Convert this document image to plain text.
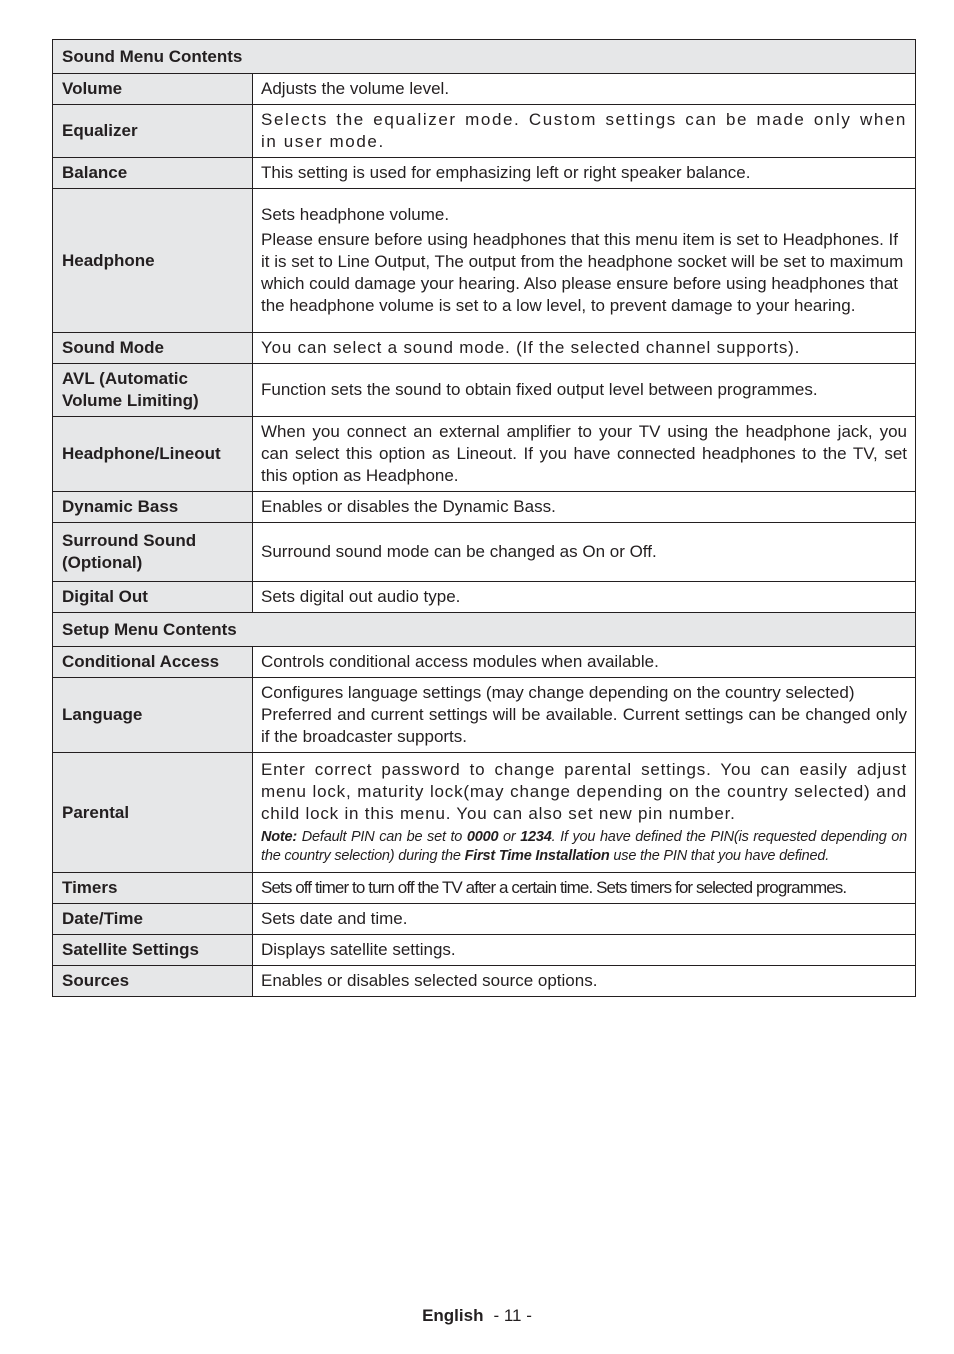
Sound Menu Contents	
Volume	Adjusts the volume level.
Equalizer	Selects the equalizer mode. Custom settings can be made only when in user mode.
Balance	This setting is used for emphasizing left or right speaker balance.
Headphone	Sets headphone volume.
Please ensure before using headphones that this menu item is set to Headphones. If it is set to Line Output, The output from the headphone socket will be set to maximum which could damage your hearing. Also please ensure before using headphones that the headphone volume is set to a low level, to prevent damage to your hearing.

Sound Mode	You can select a sound mode. (If the selected channel supports).
AVL (Automatic Volume Limiting)	Function sets the sound to obtain fixed output level between programmes.
Headphone/Lineout	When you connect an external amplifier to your TV using the headphone jack, you can select this option as Lineout. If you have connected headphones to the TV, set this option as Headphone.
Dynamic Bass	Enables or disables the Dynamic Bass.
Surround Sound (Optional)	Surround sound mode can be changed as On or Off.
Digital Out	Sets digital out audio type.
Setup Menu Contents	
Conditional Access	Controls conditional access modules when available.
Language	Configures language settings (may change depending on the country selected)
Preferred and current settings will be available. Current settings can be changed only if the broadcaster supports.

Parental	Enter correct password to change parental settings. You can easily adjust menu lock, maturity lock(may change depending on the country selected) and child lock in this menu. You can also set new pin number.
Note: Default PIN can be set to 0000 or 1234. If you have defined the PIN(is requested depending on the country selection) during the First Time Installation use the PIN that you have defined.

Timers	Sets off timer to turn off the TV after a certain time. Sets timers for selected programmes.
Date/Time	Sets date and time.
Satellite Settings	Displays satellite settings.
Sources	Enables or disables selected source options.
English - 11 -
